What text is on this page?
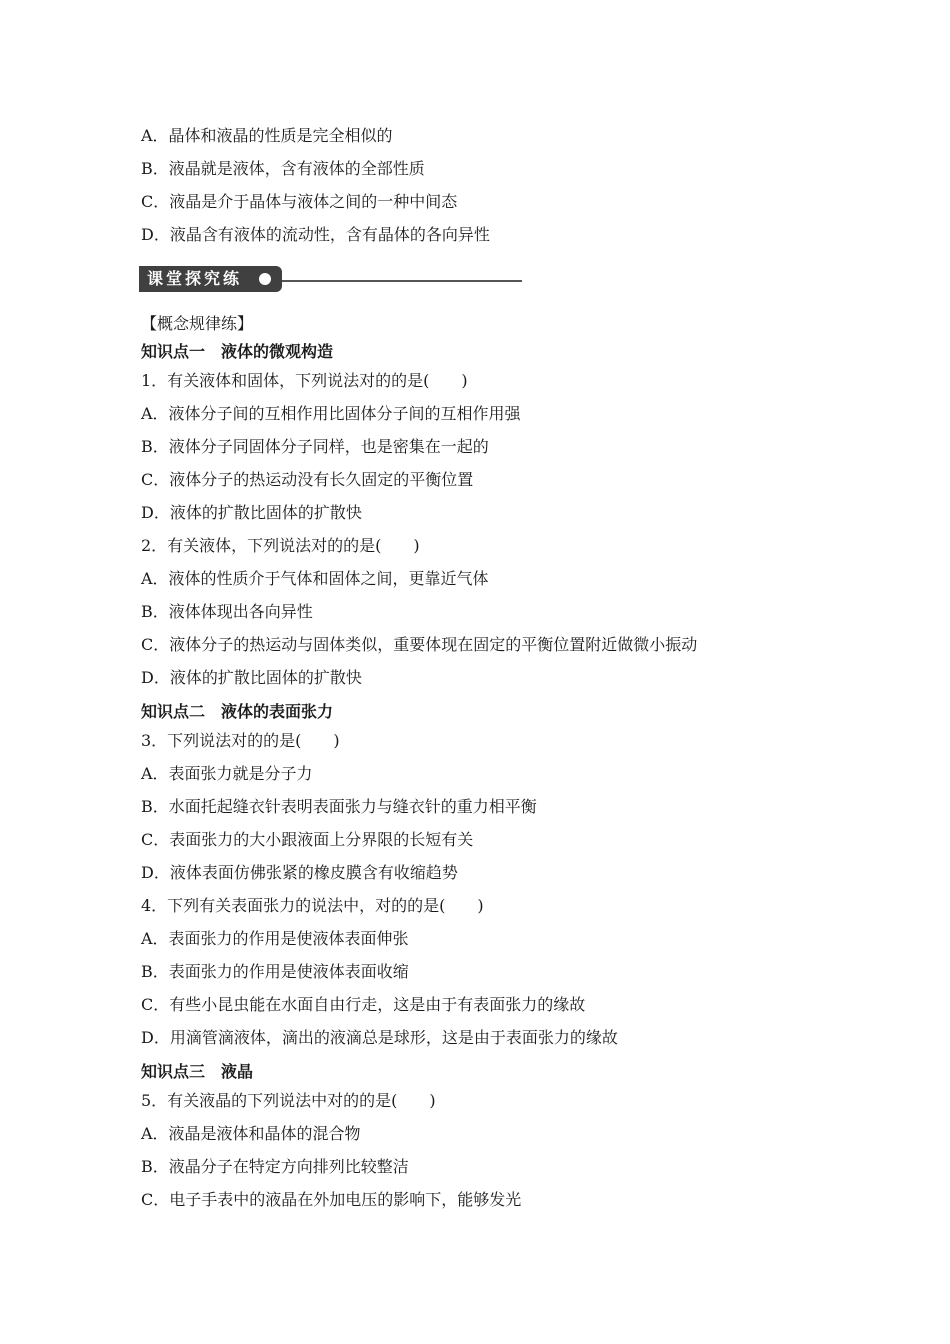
A．晶体和液晶的性质是完全相似的
B．液晶就是液体，含有液体的全部性质
C．液晶是介于晶体与液体之间的一种中间态
D．液晶含有液体的流动性，含有晶体的各向异性
课堂探究练
【概念规律练】
知识点一　液体的微观构造
1．有关液体和固体，下列说法对的的是(　　)
A．液体分子间的互相作用比固体分子间的互相作用强
B．液体分子同固体分子同样，也是密集在一起的
C．液体分子的热运动没有长久固定的平衡位置
D．液体的扩散比固体的扩散快
2．有关液体，下列说法对的的是(　　)
A．液体的性质介于气体和固体之间，更靠近气体
B．液体体现出各向异性
C．液体分子的热运动与固体类似，重要体现在固定的平衡位置附近做微小振动
D．液体的扩散比固体的扩散快
知识点二　液体的表面张力
3．下列说法对的的是(　　)
A．表面张力就是分子力
B．水面托起缝衣针表明表面张力与缝衣针的重力相平衡
C．表面张力的大小跟液面上分界限的长短有关
D．液体表面仿佛张紧的橡皮膜含有收缩趋势
4．下列有关表面张力的说法中，对的的是(　　)
A．表面张力的作用是使液体表面伸张
B．表面张力的作用是使液体表面收缩
C．有些小昆虫能在水面自由行走，这是由于有表面张力的缘故
D．用滴管滴液体，滴出的液滴总是球形，这是由于表面张力的缘故
知识点三　液晶
5．有关液晶的下列说法中对的的是(　　)
A．液晶是液体和晶体的混合物
B．液晶分子在特定方向排列比较整洁
C．电子手表中的液晶在外加电压的影响下，能够发光
